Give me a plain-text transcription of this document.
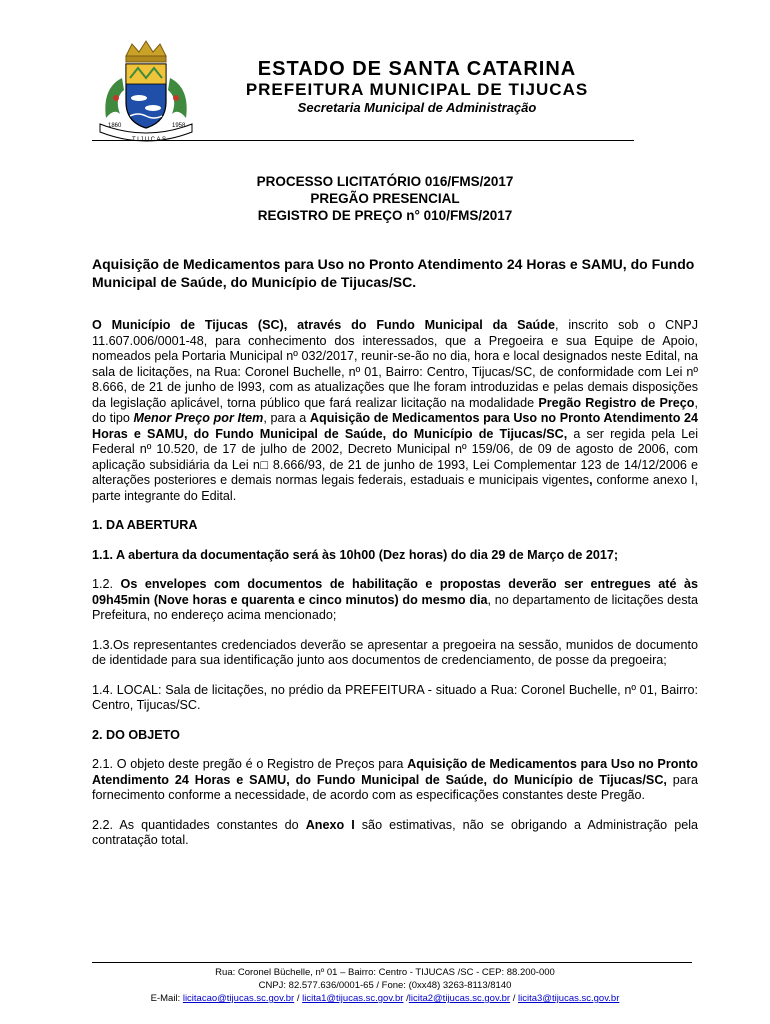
1860	1958
TIJUCAS
ESTADO DE SANTA CATARINA
PREFEITURA MUNICIPAL DE TIJUCAS
Secretaria Municipal de Administração
PROCESSO LICITATÓRIO 016/FMS/2017
PREGÃO PRESENCIAL
REGISTRO DE PREÇO n° 010/FMS/2017
Aquisição de Medicamentos para Uso no Pronto Atendimento 24 Horas e SAMU, do Fundo Municipal de Saúde, do Município de Tijucas/SC.

O Município de Tijucas (SC), através do Fundo Municipal da Saúde, inscrito sob o CNPJ 11.607.006/0001-48, para conhecimento dos interessados, que a Pregoeira e sua Equipe de Apoio, nomeados pela Portaria Municipal nº 032/2017, reunir-se-ão no dia, hora e local designados neste Edital, na sala de licitações, na Rua: Coronel Buchelle, nº 01, Bairro: Centro, Tijucas/SC, de conformidade com Lei nº 8.666, de 21 de junho de l993, com as atualizações que lhe foram introduzidas e pelas demais disposições da legislação aplicável, torna público que fará realizar licitação na modalidade Pregão Registro de Preço, do tipo Menor Preço por Item, para a Aquisição de Medicamentos para Uso no Pronto Atendimento 24 Horas e SAMU, do Fundo Municipal de Saúde, do Município de Tijucas/SC, a ser regida pela Lei Federal nº 10.520, de 17 de julho de 2002, Decreto Municipal nº 159/06, de 09 de agosto de 2006, com aplicação subsidiária da Lei n□ 8.666/93, de 21 de junho de 1993, Lei Complementar 123 de 14/12/2006 e alterações posteriores e demais normas legais federais, estaduais e municipais vigentes, conforme anexo I, parte integrante do Edital.

1. DA ABERTURA

1.1. A abertura da documentação será às 10h00 (Dez horas) do dia 29 de Março de 2017;

1.2. Os envelopes com documentos de habilitação e propostas deverão ser entregues até às 09h45min (Nove horas e quarenta e cinco minutos) do mesmo dia, no departamento de licitações desta Prefeitura, no endereço acima mencionado;

1.3.Os representantes credenciados deverão se apresentar a pregoeira na sessão, munidos de documento de identidade para sua identificação junto aos documentos de credenciamento, de posse da pregoeira;

1.4. LOCAL: Sala de licitações, no prédio da PREFEITURA - situado a Rua: Coronel Buchelle, nº 01, Bairro: Centro, Tijucas/SC.

2. DO OBJETO

2.1. O objeto deste pregão é o Registro de Preços para Aquisição de Medicamentos para Uso no Pronto Atendimento 24 Horas e SAMU, do Fundo Municipal de Saúde, do Município de Tijucas/SC, para fornecimento conforme a necessidade, de acordo com as especificações constantes deste Pregão.

2.2. As quantidades constantes do Anexo I são estimativas, não se obrigando a Administração pela contratação total.

Rua: Coronel Büchelle, nº 01 – Bairro: Centro - TIJUCAS /SC - CEP: 88.200-000
CNPJ: 82.577.636/0001-65 / Fone: (0xx48) 3263-8113/8140
E-Mail: licitacao@tijucas.sc.gov.br / licita1@tijucas.sc.gov.br /licita2@tijucas.sc.gov.br / licita3@tijucas.sc.gov.br
